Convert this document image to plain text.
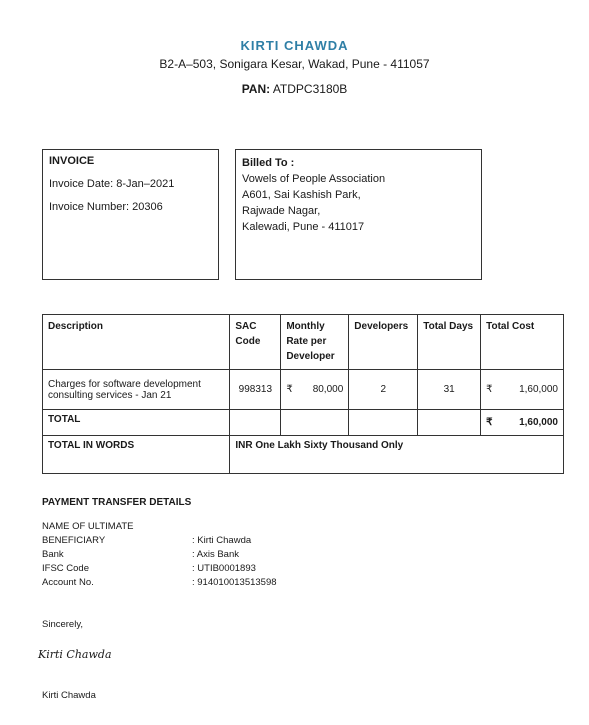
KIRTI CHAWDA
B2-A–503, Sonigara Kesar, Wakad, Pune - 411057
PAN: ATDPC3180B
INVOICE
Invoice Date: 8-Jan–2021
Invoice Number: 20306
Billed To :
Vowels of People Association
A601, Sai Kashish Park,
Rajwade Nagar,
Kalewadi, Pune - 411017
Description	SAC Code	Monthly Rate per Developer	Developers	Total Days	Total Cost
Charges for software development consulting services - Jan 21	998313	₹ 80,000	2	31	₹ 1,60,000

TOTAL					₹ 1,60,000

TOTAL IN WORDS	INR One Lakh Sixty Thousand Only				
PAYMENT TRANSFER DETAILS
NAME OF ULTIMATE BENEFICIARY	: Kirti Chawda
Bank	: Axis Bank
IFSC Code	: UTIB0001893
Account No.	: 914010013513598
Sincerely,
Kirti Chawda
Kirti Chawda
